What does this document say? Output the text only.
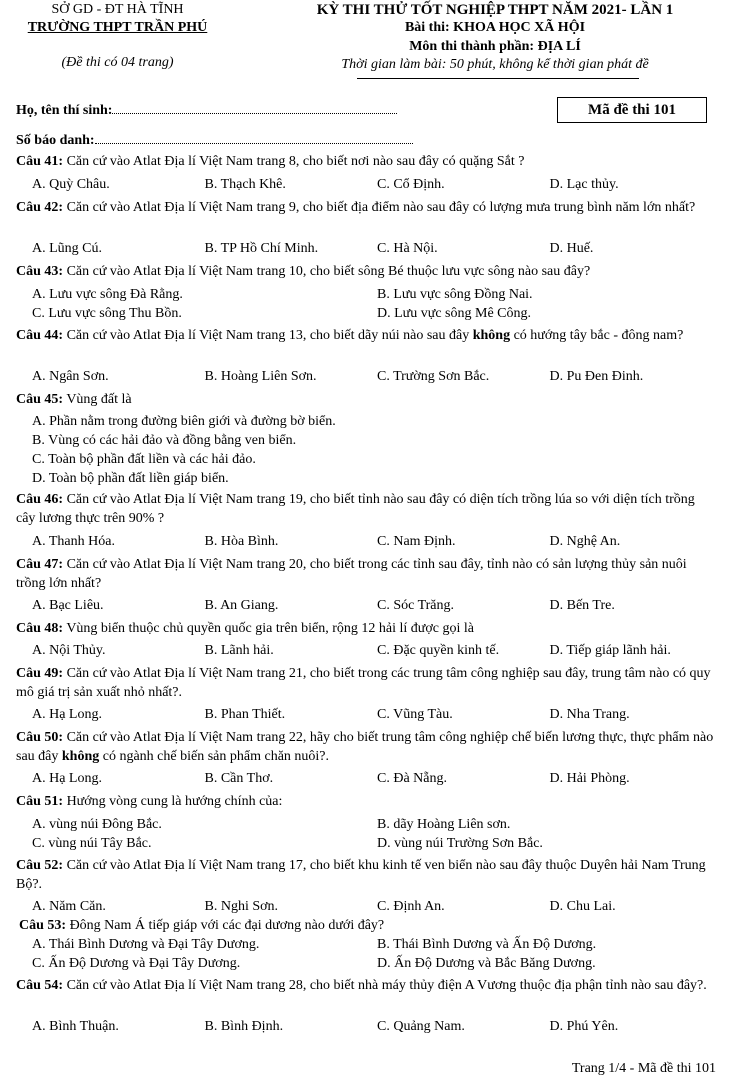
SỞ GD - ĐT HÀ TĨNH
TRƯỜNG THPT TRẦN PHÚ
(Đề thi có 04 trang)
KỲ THI THỬ TỐT NGHIỆP THPT NĂM 2021- LẦN 1
Bài thi: KHOA HỌC XÃ HỘI
Môn thi thành phần: ĐỊA LÍ
Thời gian làm bài: 50 phút, không kể thời gian phát đề
Họ, tên thí sinh:	Mã đề thi 101
Số báo danh:
Câu 41: Căn cứ vào Atlat Địa lí Việt Nam trang 8, cho biết nơi nào sau đây có quặng Sắt ?
A. Quỳ Châu.	B. Thạch Khê.	C. Cổ Định.	D. Lạc thủy.
Câu 42: Căn cứ vào Atlat Địa lí Việt Nam trang 9, cho biết địa điểm nào sau đây có lượng mưa trung bình năm lớn nhất?
A. Lũng Cú.	B. TP Hồ Chí Minh.	C. Hà Nội.	D. Huế.
Câu 43: Căn cứ vào Atlat Địa lí Việt Nam trang 10, cho biết sông Bé thuộc lưu vực sông nào sau đây?
A. Lưu vực sông Đà Rằng.	B. Lưu vực sông Đồng Nai.
C. Lưu vực sông Thu Bồn.	D. Lưu vực sông Mê Công.
Câu 44: Căn cứ vào Atlat Địa lí Việt Nam trang 13, cho biết dãy núi nào sau đây không có hướng tây bắc - đông nam?
A. Ngân Sơn.	B. Hoàng Liên Sơn.	C. Trường Sơn Bắc.	D. Pu Đen Đinh.
Câu 45: Vùng đất là
A. Phần nằm trong đường biên giới và đường bờ biển.
B. Vùng có các hải đảo và đồng bằng ven biển.
C. Toàn bộ phần đất liền và các hải đảo.
D. Toàn bộ phần đất liền giáp biển.
Câu 46: Căn cứ vào Atlat Địa lí Việt Nam trang 19, cho biết tỉnh nào sau đây có diện tích trồng lúa so với diện tích trồng cây lương thực trên 90% ?
A. Thanh Hóa.	B. Hòa Bình.	C. Nam Định.	D. Nghệ An.
Câu 47: Căn cứ vào Atlat Địa lí Việt Nam trang 20, cho biết trong các tỉnh sau đây, tỉnh nào có sản lượng thủy sản nuôi trồng lớn nhất?
A. Bạc Liêu.	B. An Giang.	C. Sóc Trăng.	D. Bến Tre.
Câu 48: Vùng biển thuộc chủ quyền quốc gia trên biển, rộng 12 hải lí được gọi là
A. Nội Thủy.	B. Lãnh hải.	C. Đặc quyền kinh tế.	D. Tiếp giáp lãnh hải.
Câu 49: Căn cứ vào Atlat Địa lí Việt Nam trang 21, cho biết trong các trung tâm công nghiệp sau đây, trung tâm nào có quy mô giá trị sản xuất nhỏ nhất?.
A. Hạ Long.	B. Phan Thiết.	C. Vũng Tàu.	D. Nha Trang.
Câu 50: Căn cứ vào Atlat Địa lí Việt Nam trang 22, hãy cho biết trung tâm công nghiệp chế biến lương thực, thực phẩm nào sau đây không có ngành chế biến sản phẩm chăn nuôi?.
A. Hạ Long.	B. Cần Thơ.	C. Đà Nẵng.	D. Hải Phòng.
Câu 51: Hướng vòng cung là hướng chính của:
A. vùng núi Đông Bắc.	B. dãy Hoàng Liên sơn.
C. vùng núi Tây Bắc.	D. vùng núi Trường Sơn Bắc.
Câu 52: Căn cứ vào Atlat Địa lí Việt Nam trang 17, cho biết khu kinh tế ven biển nào sau đây thuộc Duyên hải Nam Trung Bộ?.
A. Năm Căn.	B. Nghi Sơn.	C. Định An.	D. Chu Lai.
Câu 53: Đông Nam Á tiếp giáp với các đại dương nào dưới đây?
A. Thái Bình Dương và Đại Tây Dương.	B. Thái Bình Dương và Ấn Độ Dương.
C. Ấn Độ Dương và Đại Tây Dương.	D. Ấn Độ Dương và Bắc Băng Dương.
Câu 54: Căn cứ vào Atlat Địa lí Việt Nam trang 28, cho biết nhà máy thủy điện A Vương thuộc địa phận tỉnh nào sau đây?.
A. Bình Thuận.	B. Bình Định.	C. Quảng Nam.	D. Phú Yên.
Trang 1/4 - Mã đề thi 101
